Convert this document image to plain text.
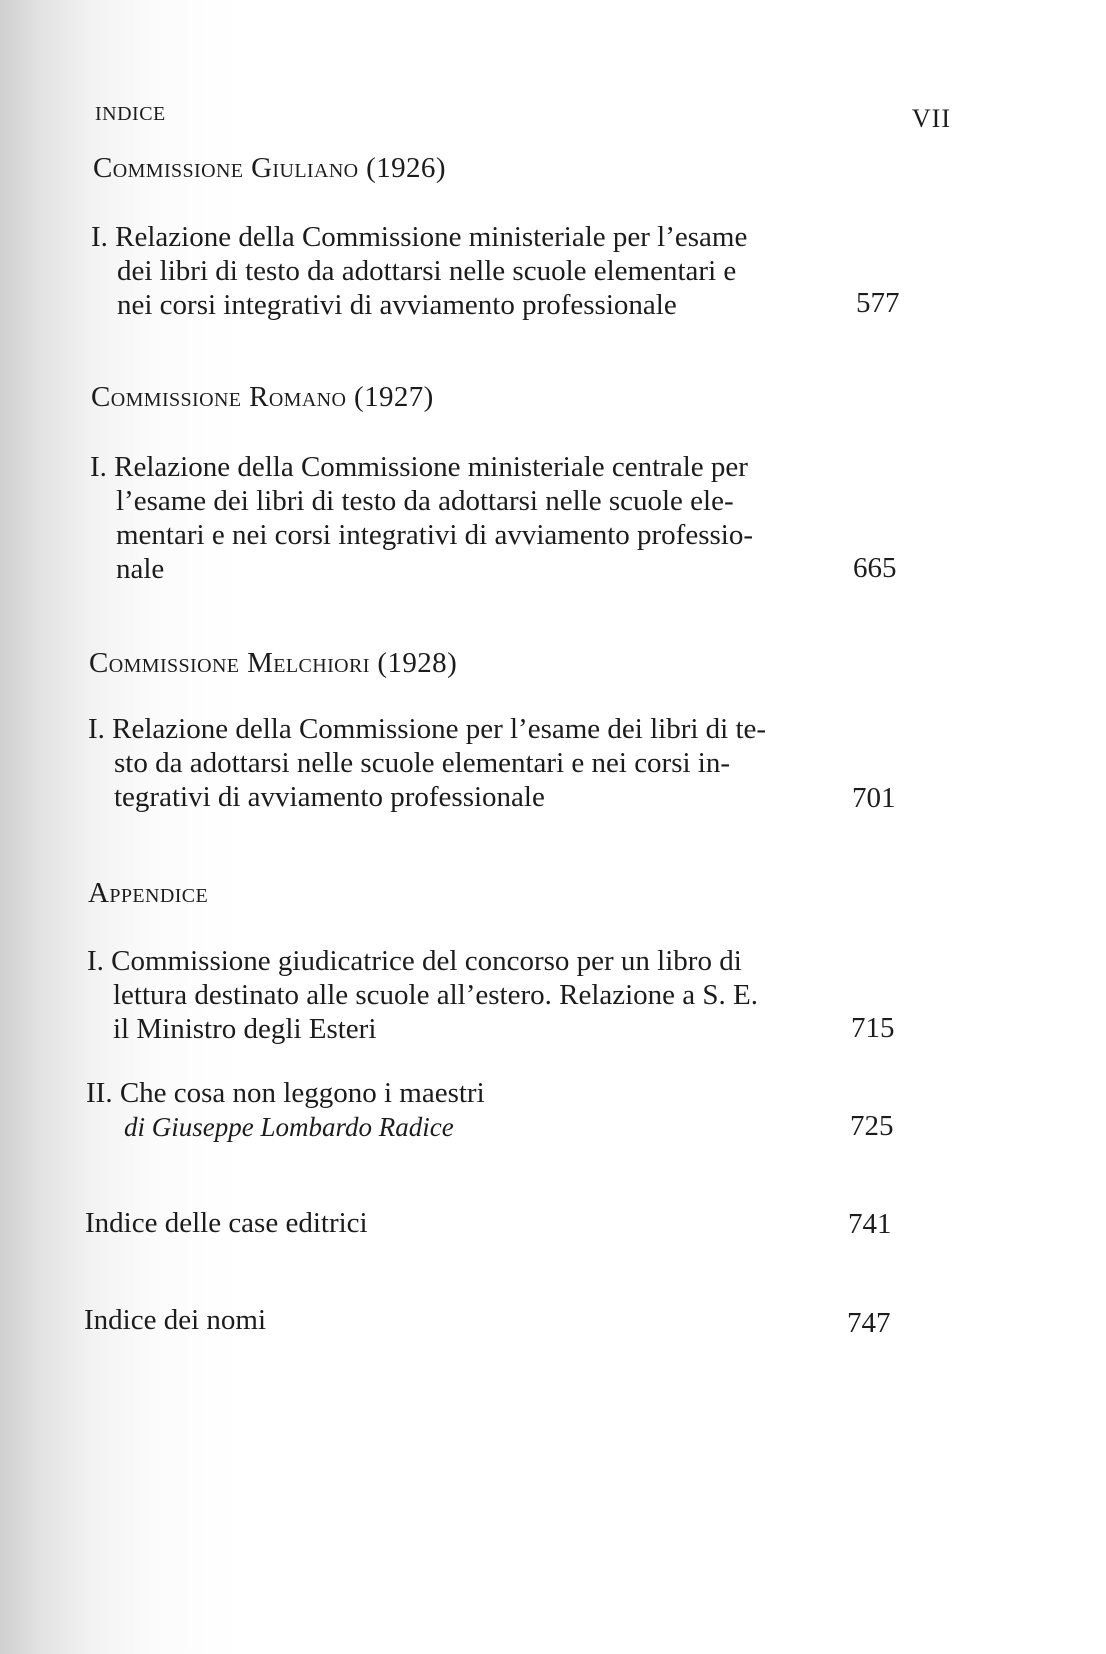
INDICE	VII
Commissione Giuliano (1926)
I. Relazione della Commissione ministeriale per l’esame
dei libri di testo da adottarsi nelle scuole elementari e
nei corsi integrativi di avviamento professionale	577
Commissione Romano (1927)
I. Relazione della Commissione ministeriale centrale per
l’esame dei libri di testo da adottarsi nelle scuole ele-
mentari e nei corsi integrativi di avviamento professio-
nale	665
Commissione Melchiori (1928)
I. Relazione della Commissione per l’esame dei libri di te-
sto da adottarsi nelle scuole elementari e nei corsi in-
tegrativi di avviamento professionale	701
Appendice
I. Commissione giudicatrice del concorso per un libro di
lettura destinato alle scuole all’estero. Relazione a S. E.
il Ministro degli Esteri	715
II. Che cosa non leggono i maestri
di Giuseppe Lombardo Radice	725
Indice delle case editrici	741
Indice dei nomi	747
